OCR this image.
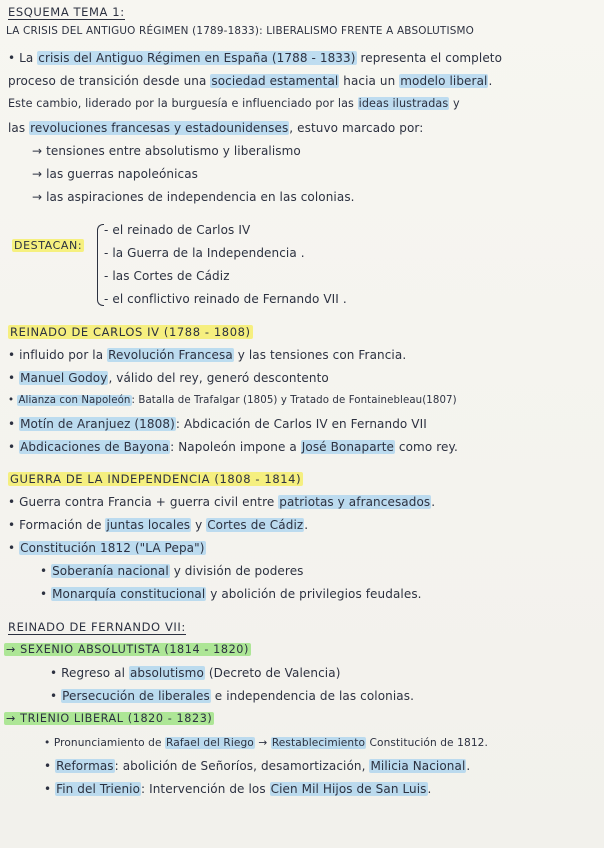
ESQUEMA TEMA 1:
LA CRISIS DEL ANTIGUO RÉGIMEN (1789-1833): LIBERALISMO FRENTE A ABSOLUTISMO
• La crisis del Antiguo Régimen en España (1788 - 1833) representa el completo
proceso de transición desde una sociedad estamental hacia un modelo liberal.
Este cambio, liderado por la burguesía e influenciado por las ideas ilustradas y
las revoluciones francesas y estadounidenses, estuvo marcado por:
→ tensiones entre absolutismo y liberalismo
→ las guerras napoleónicas
→ las aspiraciones de independencia en las colonias.
DESTACAN:
- el reinado de Carlos IV
- la Guerra de la Independencia .
- las Cortes de Cádiz
- el conflictivo reinado de Fernando VII .
REINADO DE CARLOS IV (1788 - 1808)
• influido por la Revolución Francesa y las tensiones con Francia.
• Manuel Godoy, válido del rey, generó descontento
• Alianza con Napoleón: Batalla de Trafalgar (1805) y Tratado de Fontainebleau(1807)
• Motín de Aranjuez (1808): Abdicación de Carlos IV en Fernando VII
• Abdicaciones de Bayona: Napoleón impone a José Bonaparte como rey.
GUERRA DE LA INDEPENDENCIA (1808 - 1814)
• Guerra contra Francia + guerra civil entre patriotas y afrancesados.
• Formación de juntas locales y Cortes de Cádiz.
• Constitución 1812 ("LA Pepa")
• Soberanía nacional y división de poderes
• Monarquía constitucional y abolición de privilegios feudales.
REINADO DE FERNANDO VII:
→ SEXENIO ABSOLUTISTA (1814 - 1820)
• Regreso al absolutismo (Decreto de Valencia)
• Persecución de liberales e independencia de las colonias.
→ TRIENIO LIBERAL (1820 - 1823)
• Pronunciamiento de Rafael del Riego → Restablecimiento Constitución de 1812.
• Reformas: abolición de Señoríos, desamortización, Milicia Nacional.
• Fin del Trienio: Intervención de los Cien Mil Hijos de San Luis.
